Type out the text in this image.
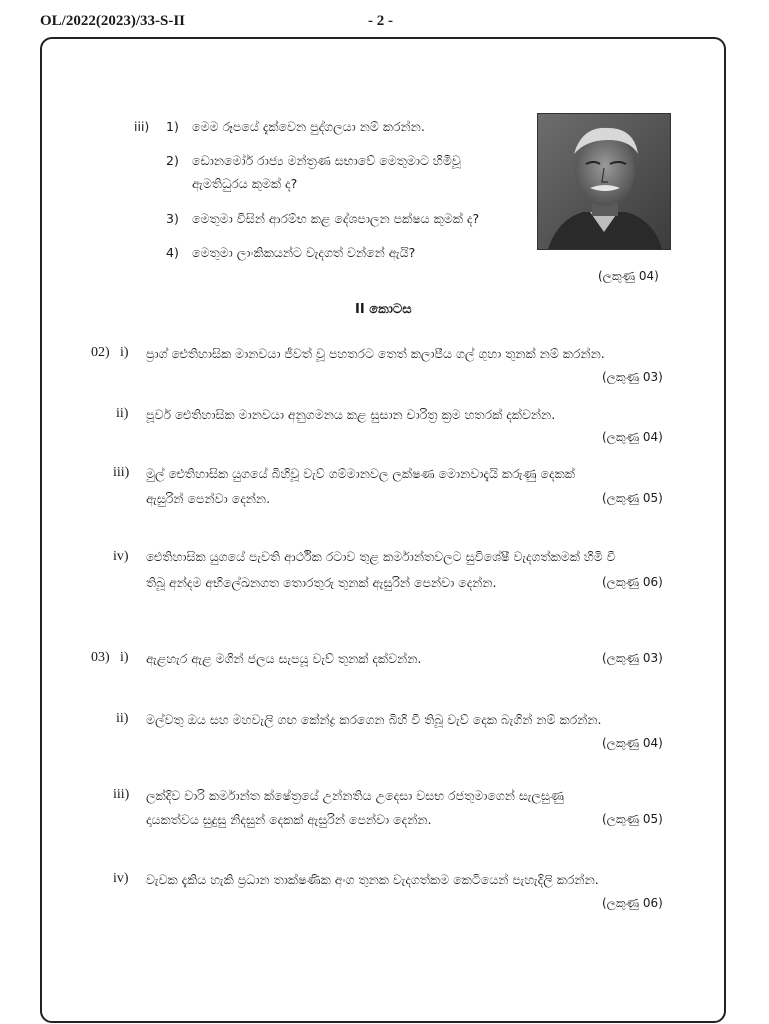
OL/2022(2023)/33-S-II	- 2 -
iii) 1) මෙම රූපයේ දැක්වෙන පුද්ගලයා නම් කරන්න.
2) ඩොනමෝර් රාජ්‍ය මන්ත්‍රණ සභාවේ මෙතුමාට හිමිවූ
ඇමතිධුරය කුමක් ද?
3) මෙතුමා විසින් ආරම්භ කළ දේශපාලන පක්ෂය කුමක් ද?
4) මෙතුමා ලාංකිකයන්ට වැදගත් වන්නේ ඇයි?
(ලකුණු 04)
II කොටස
02) i) ප්‍රාග් ඓතිහාසික මානවයා ජීවත් වූ පහතරට තෙත් කලාපීය ගල් ගුහා තුනක් නම් කරන්න.
(ලකුණු 03)
ii) පූර්ව ඓතිහාසික මානවයා අනුගමනය කළ සුසාන චාරිත්‍ර ක්‍රම හතරක් දක්වන්න.
(ලකුණු 04)
iii) මුල් ඓතිහාසික යුගයේ බිහිවූ වැව් ගම්මානවල ලක්ෂණ මොනවාදැයි කරුණු දෙකක්
ඇසුරින් පෙන්වා දෙන්න.	(ලකුණු 05)
iv) ඓතිහාසික යුගයේ පැවති ආර්ථික රටාව තුළ කර්මාන්තවලට සුවිශේෂී වැදගත්කමක් හිමි වී
තිබූ අන්දම අභිලේඛනගත තොරතුරු තුනක් ඇසුරින් පෙන්වා දෙන්න.	(ලකුණු 06)
03) i) ඇළහැර ඇළ මගින් ජලය සැපයූ වැව් තුනක් දක්වන්න.	(ලකුණු 03)
ii) මල්වතු ඔය සහ මහවැලි ගඟ කේන්ද්‍ර කරගෙන බිහි වී තිබූ වැව් දෙක බැගින් නම් කරන්න.
(ලකුණු 04)
iii) ලක්දිව වාරි කර්මාන්ත ක්ෂේත්‍රයේ උන්නතිය උදෙසා වසභ රජතුමාගෙන් සැලසුණු
දායකත්වය සුදුසු නිදසුන් දෙකක් ඇසුරින් පෙන්වා දෙන්න.	(ලකුණු 05)
iv) වැවක දැකිය හැකි ප්‍රධාන තාක්ෂණික අංග තුනක වැදගත්කම කෙටියෙන් පැහැදිලි කරන්න.
(ලකුණු 06)
